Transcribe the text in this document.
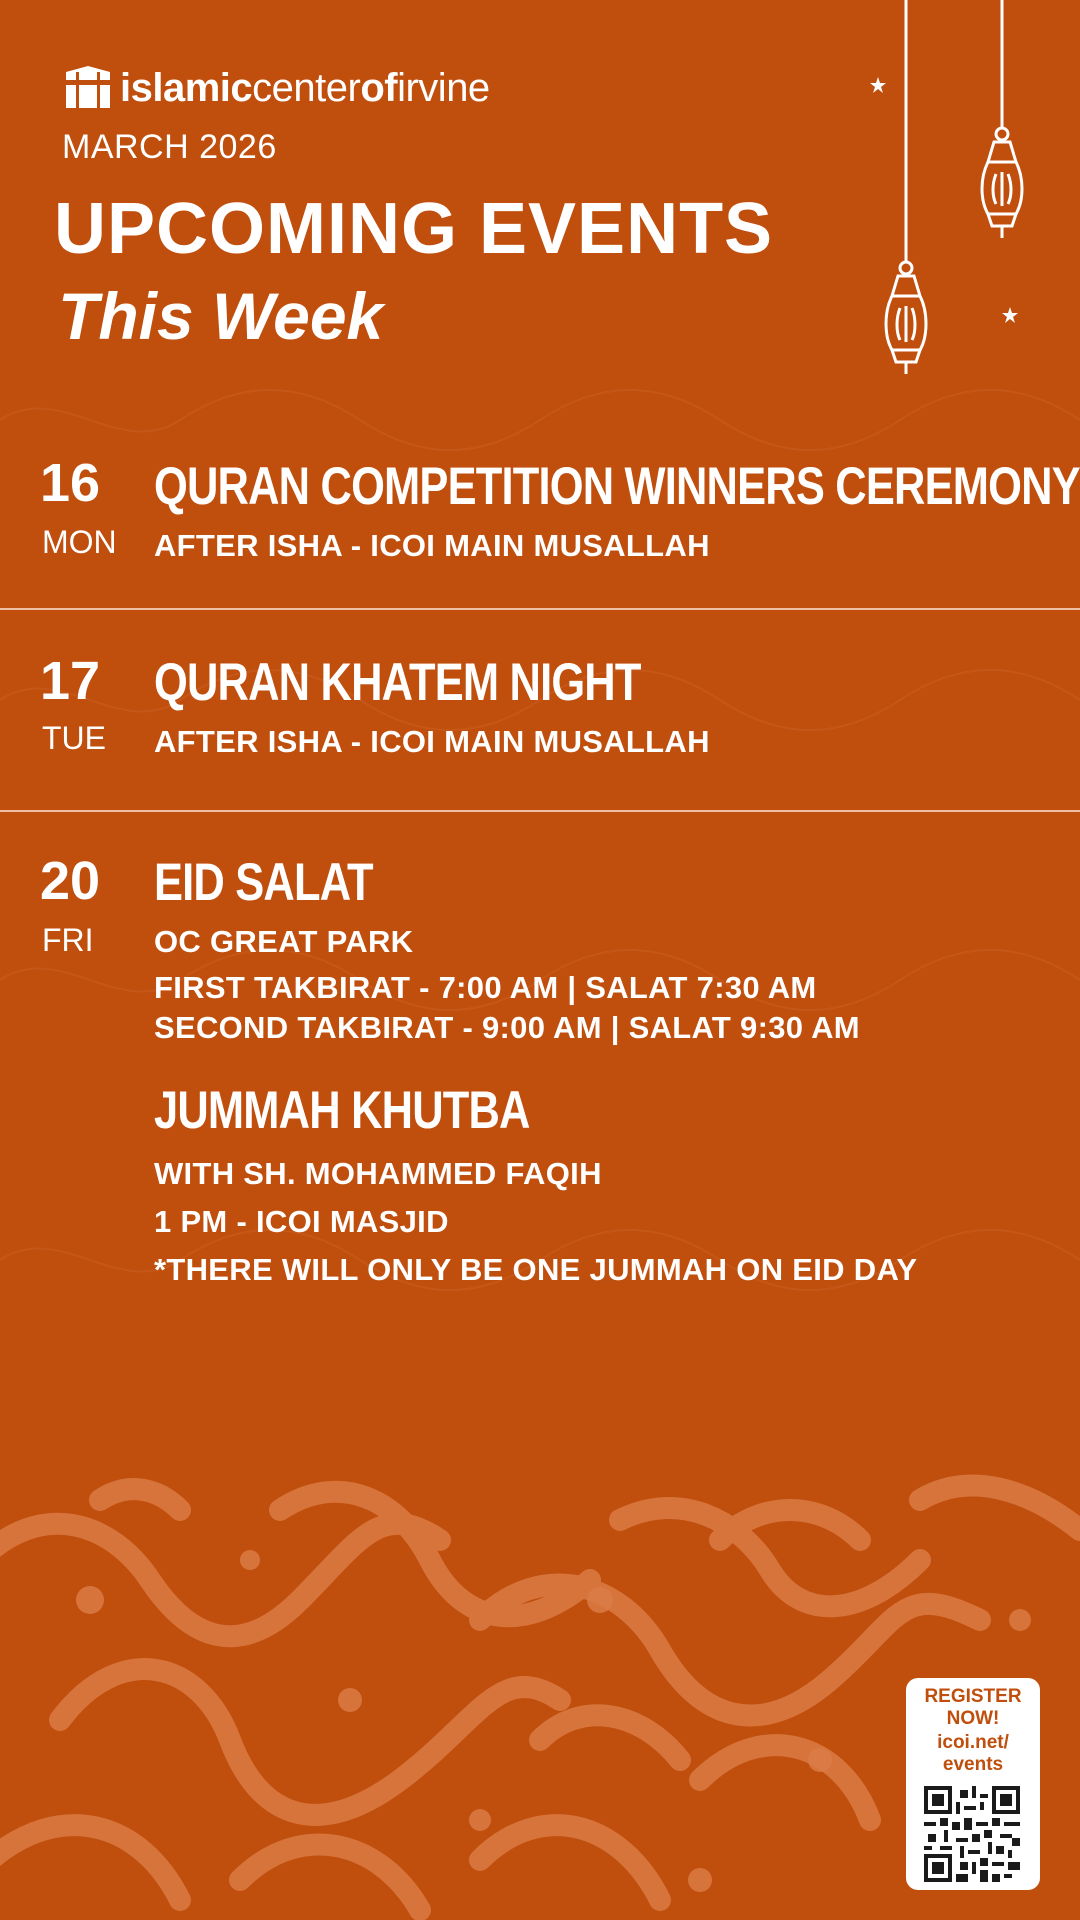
islamiccenterofirvine
MARCH 2026
UPCOMING EVENTS
This Week
16
MON
QURAN COMPETITION WINNERS CEREMONY
AFTER ISHA - ICOI MAIN MUSALLAH
17
TUE
QURAN KHATEM NIGHT
AFTER ISHA - ICOI MAIN MUSALLAH
20
FRI
EID SALAT
OC GREAT PARK
FIRST TAKBIRAT - 7:00 AM | SALAT 7:30 AM
SECOND TAKBIRAT - 9:00 AM | SALAT 9:30 AM
JUMMAH KHUTBA
WITH SH. MOHAMMED FAQIH
1 PM - ICOI MASJID
*THERE WILL ONLY BE ONE JUMMAH ON EID DAY
REGISTER
NOW!
icoi.net/
events
